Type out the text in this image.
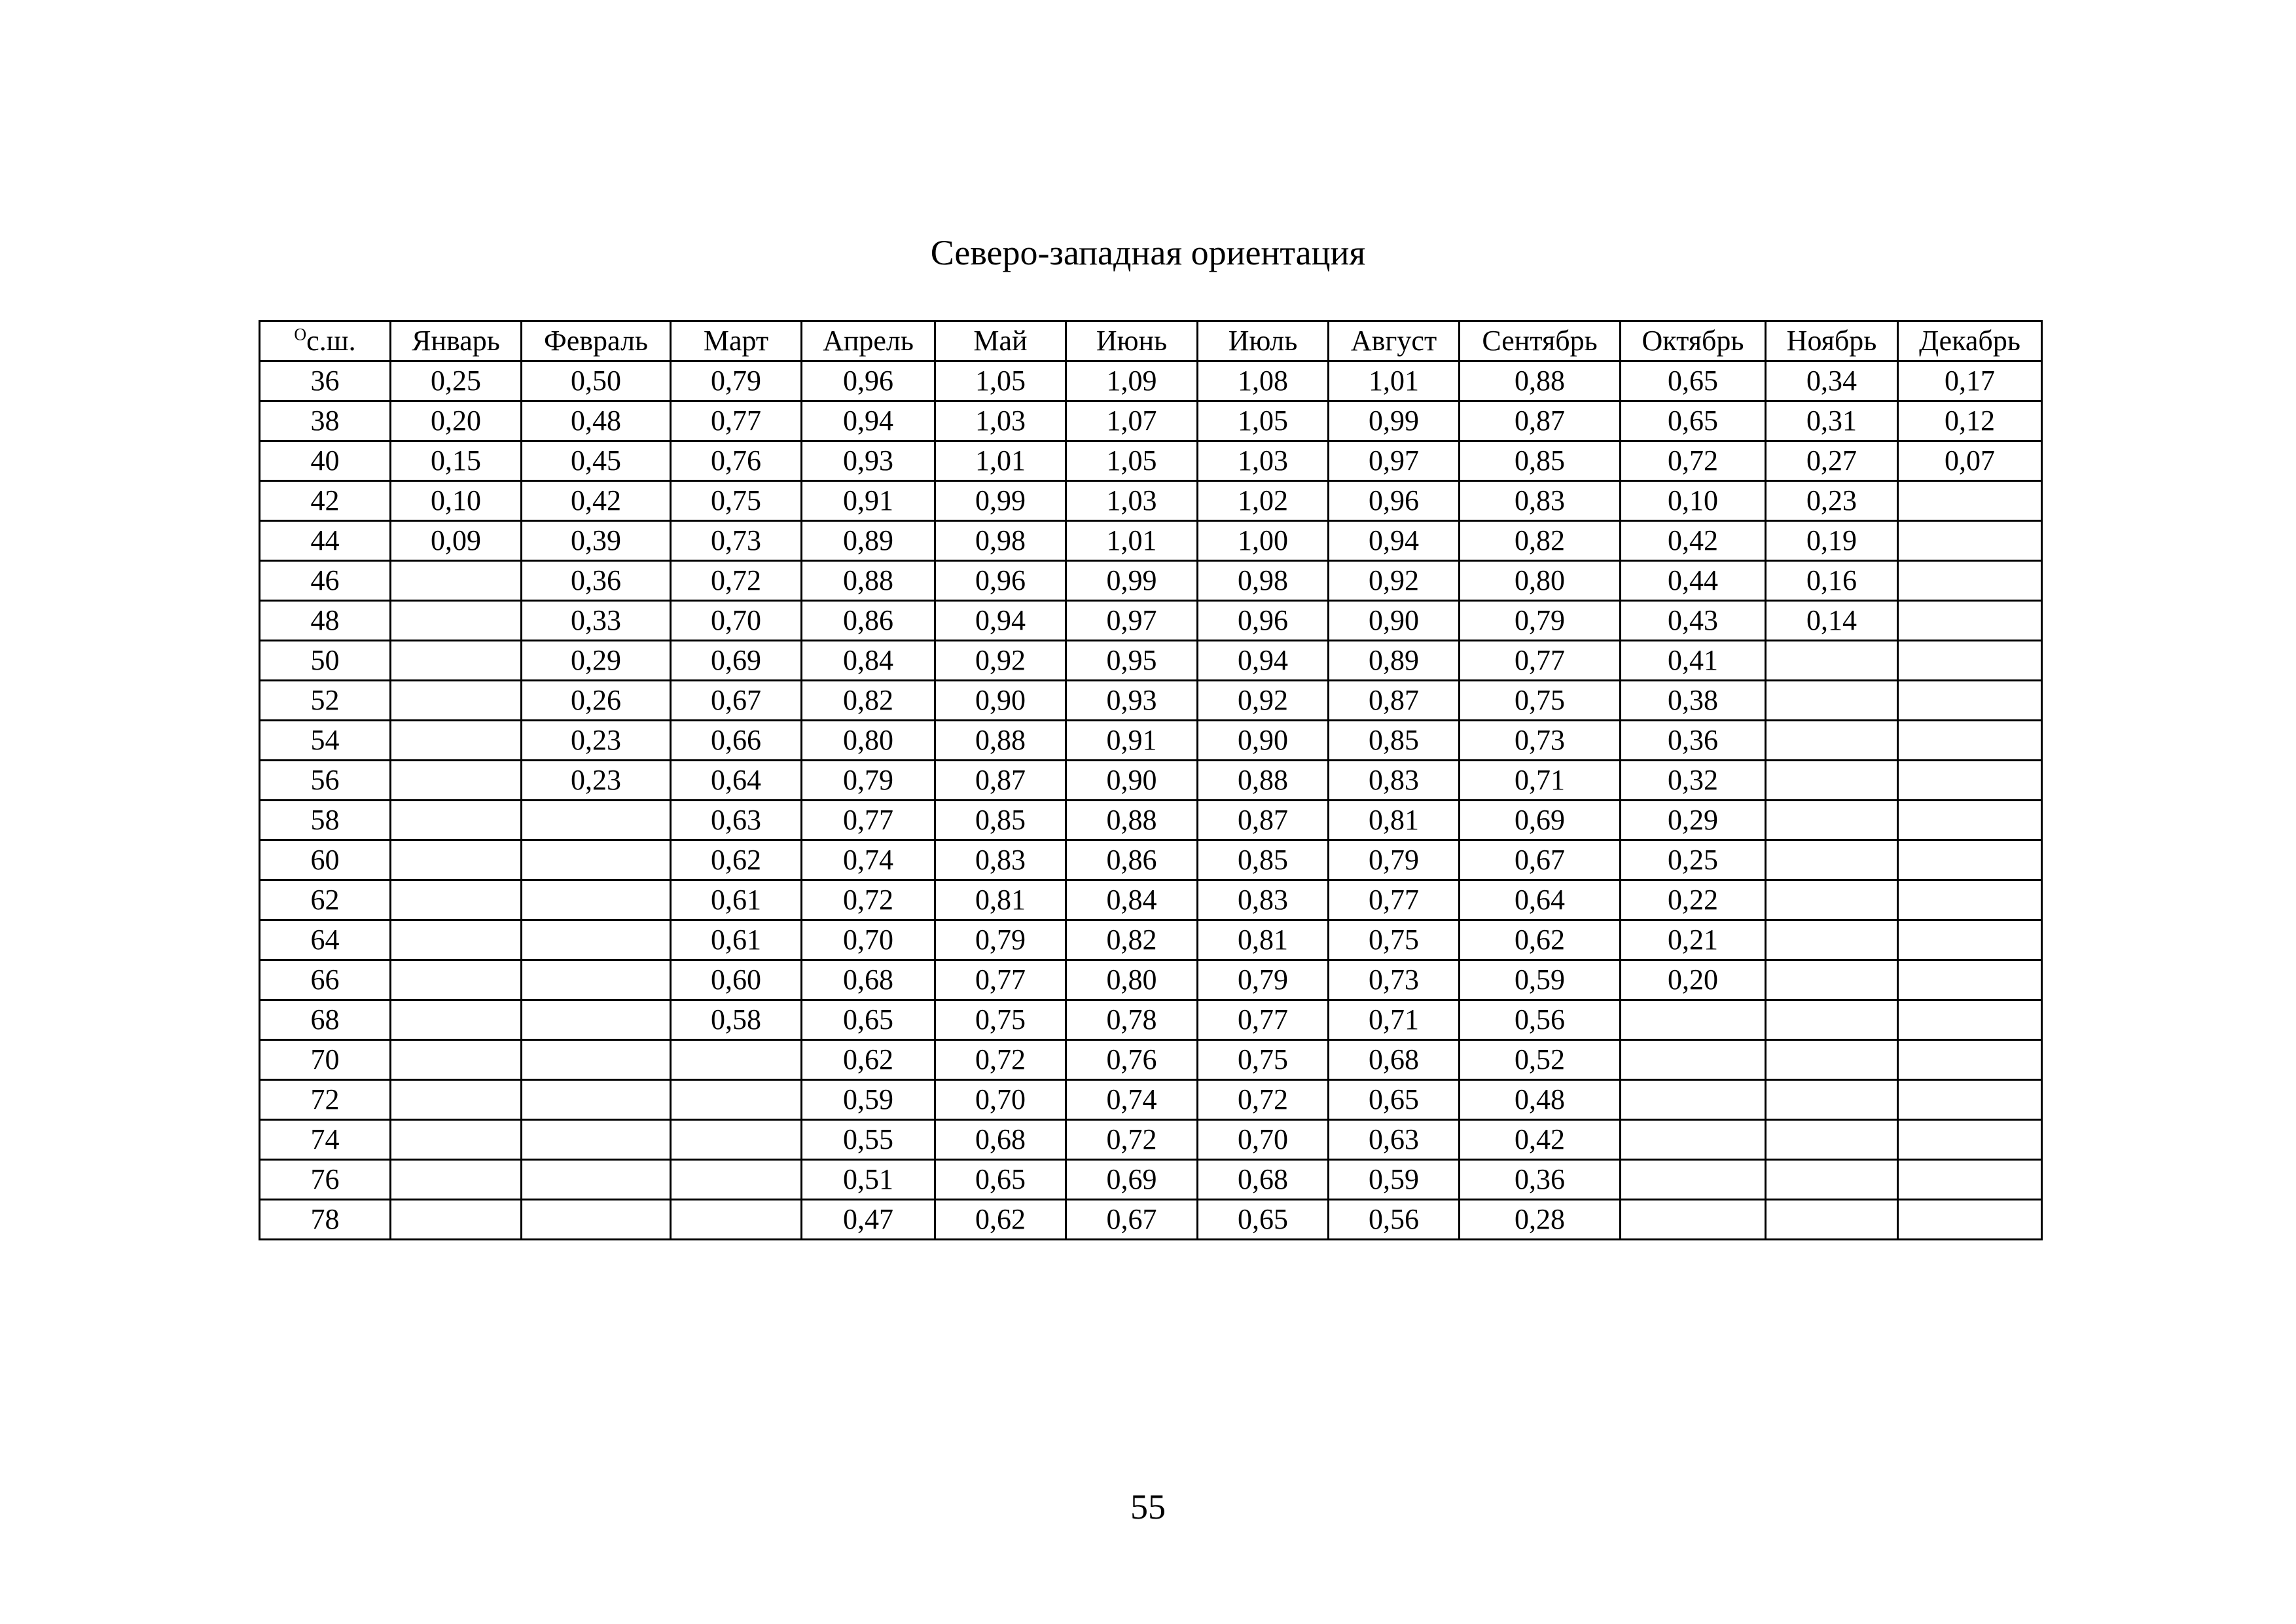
Северо-западная ориентация
$^О$с.ш.	Январь	Февраль	Март	Апрель	Май	Июнь	Июль	Август	Сентябрь	Октябрь	Ноябрь	Декабрь
36	0,25	0,50	0,79	0,96	1,05	1,09	1,08	1,01	0,88	0,65	0,34	0,17
38	0,20	0,48	0,77	0,94	1,03	1,07	1,05	0,99	0,87	0,65	0,31	0,12
40	0,15	0,45	0,76	0,93	1,01	1,05	1,03	0,97	0,85	0,72	0,27	0,07
42	0,10	0,42	0,75	0,91	0,99	1,03	1,02	0,96	0,83	0,10	0,23	
44	0,09	0,39	0,73	0,89	0,98	1,01	1,00	0,94	0,82	0,42	0,19	
46		0,36	0,72	0,88	0,96	0,99	0,98	0,92	0,80	0,44	0,16	
48		0,33	0,70	0,86	0,94	0,97	0,96	0,90	0,79	0,43	0,14	
50		0,29	0,69	0,84	0,92	0,95	0,94	0,89	0,77	0,41		
52		0,26	0,67	0,82	0,90	0,93	0,92	0,87	0,75	0,38		
54		0,23	0,66	0,80	0,88	0,91	0,90	0,85	0,73	0,36		
56		0,23	0,64	0,79	0,87	0,90	0,88	0,83	0,71	0,32		
58			0,63	0,77	0,85	0,88	0,87	0,81	0,69	0,29		
60			0,62	0,74	0,83	0,86	0,85	0,79	0,67	0,25		
62			0,61	0,72	0,81	0,84	0,83	0,77	0,64	0,22		
64			0,61	0,70	0,79	0,82	0,81	0,75	0,62	0,21		
66			0,60	0,68	0,77	0,80	0,79	0,73	0,59	0,20		
68			0,58	0,65	0,75	0,78	0,77	0,71	0,56			
70				0,62	0,72	0,76	0,75	0,68	0,52			
72				0,59	0,70	0,74	0,72	0,65	0,48			
74				0,55	0,68	0,72	0,70	0,63	0,42			
76				0,51	0,65	0,69	0,68	0,59	0,36			
78				0,47	0,62	0,67	0,65	0,56	0,28			
55
